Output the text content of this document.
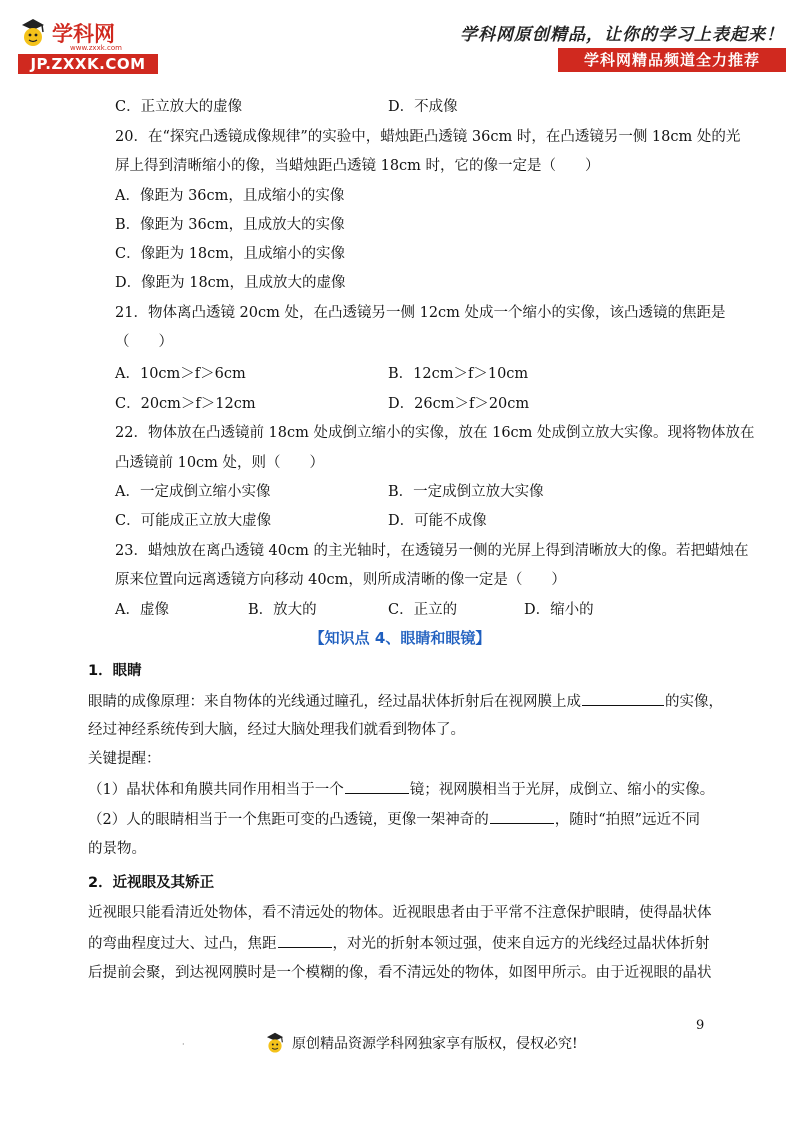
学科网
www.zxxk.com
JP.ZXXK.COM
学科网原创精品，让你的学习上表起来！
学科网精品频道全力推荐
C．正立放大的虚像	D．不成像
20．在“探究凸透镜成像规律”的实验中，蜡烛距凸透镜 36cm 时，在凸透镜另一侧 18cm 处的光
屏上得到清晰缩小的像，当蜡烛距凸透镜 18cm 时，它的像一定是（　　）
A．像距为 36cm，且成缩小的实像
B．像距为 36cm，且成放大的实像
C．像距为 18cm，且成缩小的实像
D．像距为 18cm，且成放大的虚像
21．物体离凸透镜 20cm 处，在凸透镜另一侧 12cm 处成一个缩小的实像，该凸透镜的焦距是
（　　）
A．10cm＞f＞6cm	B．12cm＞f＞10cm
C．20cm＞f＞12cm	D．26cm＞f＞20cm
22．物体放在凸透镜前 18cm 处成倒立缩小的实像，放在 16cm 处成倒立放大实像。现将物体放在
凸透镜前 10cm 处，则（　　）
A．一定成倒立缩小实像	B．一定成倒立放大实像
C．可能成正立放大虚像	D．可能不成像
23．蜡烛放在离凸透镜 40cm 的主光轴时，在透镜另一侧的光屏上得到清晰放大的像。若把蜡烛在
原来位置向远离透镜方向移动 40cm，则所成清晰的像一定是（　　）
A．虚像	B．放大的	C．正立的	D．缩小的
【知识点 4、眼睛和眼镜】
1．眼睛
眼睛的成像原理：来自物体的光线通过瞳孔，经过晶状体折射后在视网膜上成	的实像，
经过神经系统传到大脑，经过大脑处理我们就看到物体了。
关键提醒：
（1）晶状体和角膜共同作用相当于一个	镜；视网膜相当于光屏，成倒立、缩小的实像。
（2）人的眼睛相当于一个焦距可变的凸透镜，更像一架神奇的	，随时“拍照”远近不同
的景物。
2．近视眼及其矫正
近视眼只能看清近处物体，看不清远处的物体。近视眼患者由于平常不注意保护眼睛，使得晶状体
的弯曲程度过大、过凸，焦距	，对光的折射本领过强，使来自远方的光线经过晶状体折射
后提前会聚，到达视网膜时是一个模糊的像，看不清远处的物体，如图甲所示。由于近视眼的晶状
9
·	原创精品资源学科网独家享有版权，侵权必究!
